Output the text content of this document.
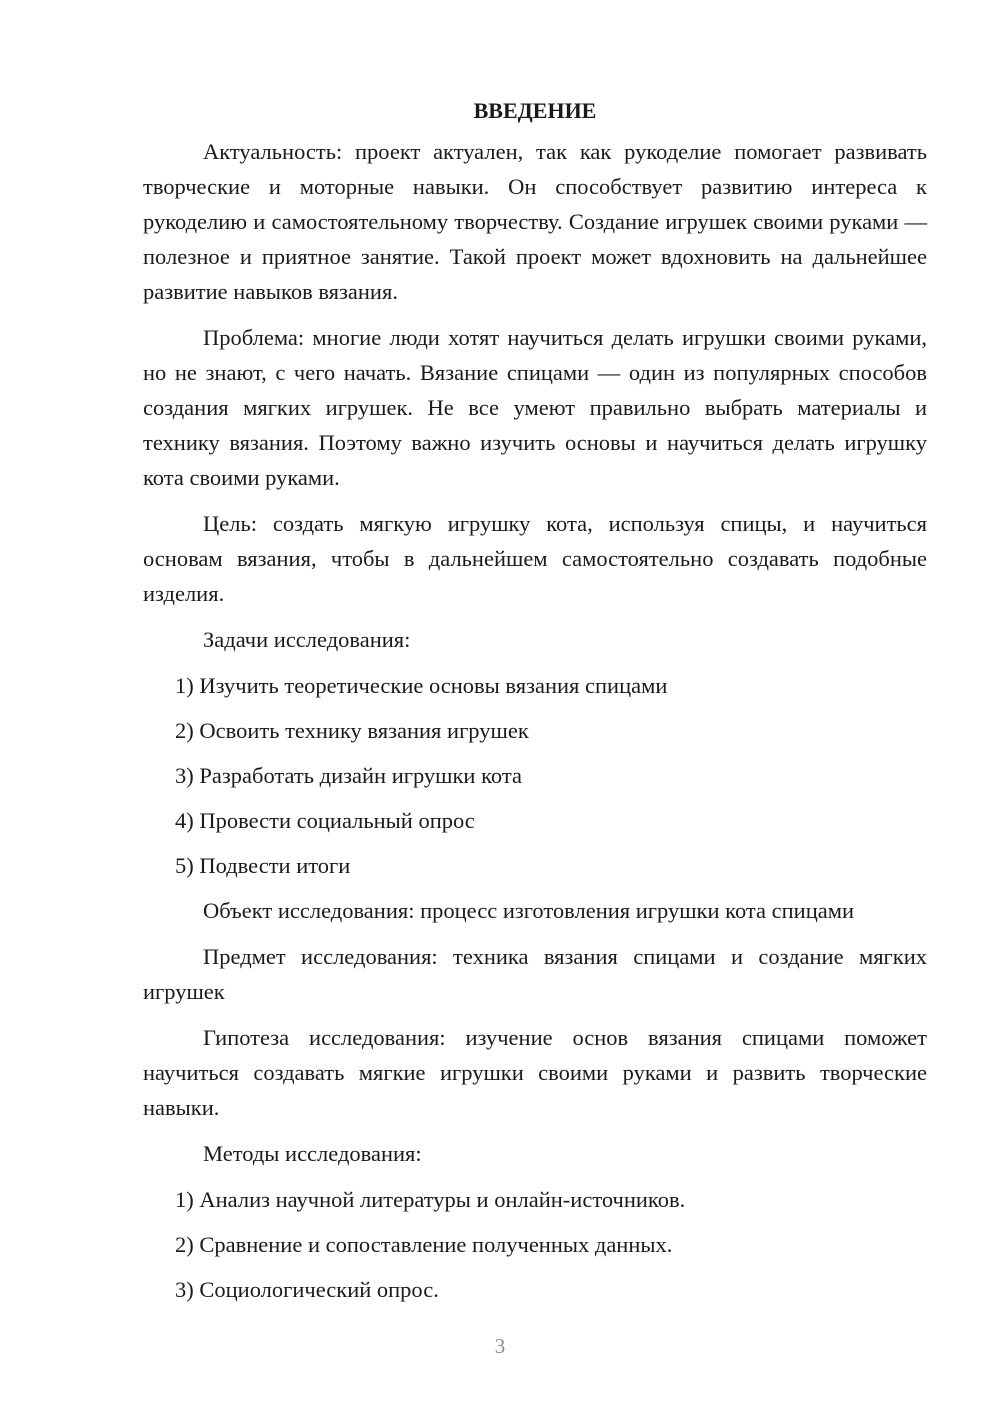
ВВЕДЕНИЕ

Актуальность: проект актуален, так как рукоделие помогает развивать творческие и моторные навыки. Он способствует развитию интереса к рукоделию и самостоятельному творчеству. Создание игрушек своими руками — полезное и приятное занятие. Такой проект может вдохновить на дальнейшее развитие навыков вязания.

Проблема: многие люди хотят научиться делать игрушки своими руками, но не знают, с чего начать. Вязание спицами — один из популярных способов создания мягких игрушек. Не все умеют правильно выбрать материалы и технику вязания. Поэтому важно изучить основы и научиться делать игрушку кота своими руками.

Цель: создать мягкую игрушку кота, используя спицы, и научиться основам вязания, чтобы в дальнейшем самостоятельно создавать подобные изделия.

Задачи исследования:

1) Изучить теоретические основы вязания спицами

2) Освоить технику вязания игрушек

3) Разработать дизайн игрушки кота

4) Провести социальный опрос

5) Подвести итоги

Объект исследования: процесс изготовления игрушки кота спицами

Предмет исследования: техника вязания спицами и создание мягких игрушек

Гипотеза исследования: изучение основ вязания спицами поможет научиться создавать мягкие игрушки своими руками и развить творческие навыки.

Методы исследования:

1) Анализ научной литературы и онлайн-источников.

2) Сравнение и сопоставление полученных данных.

3) Социологический опрос.

3
